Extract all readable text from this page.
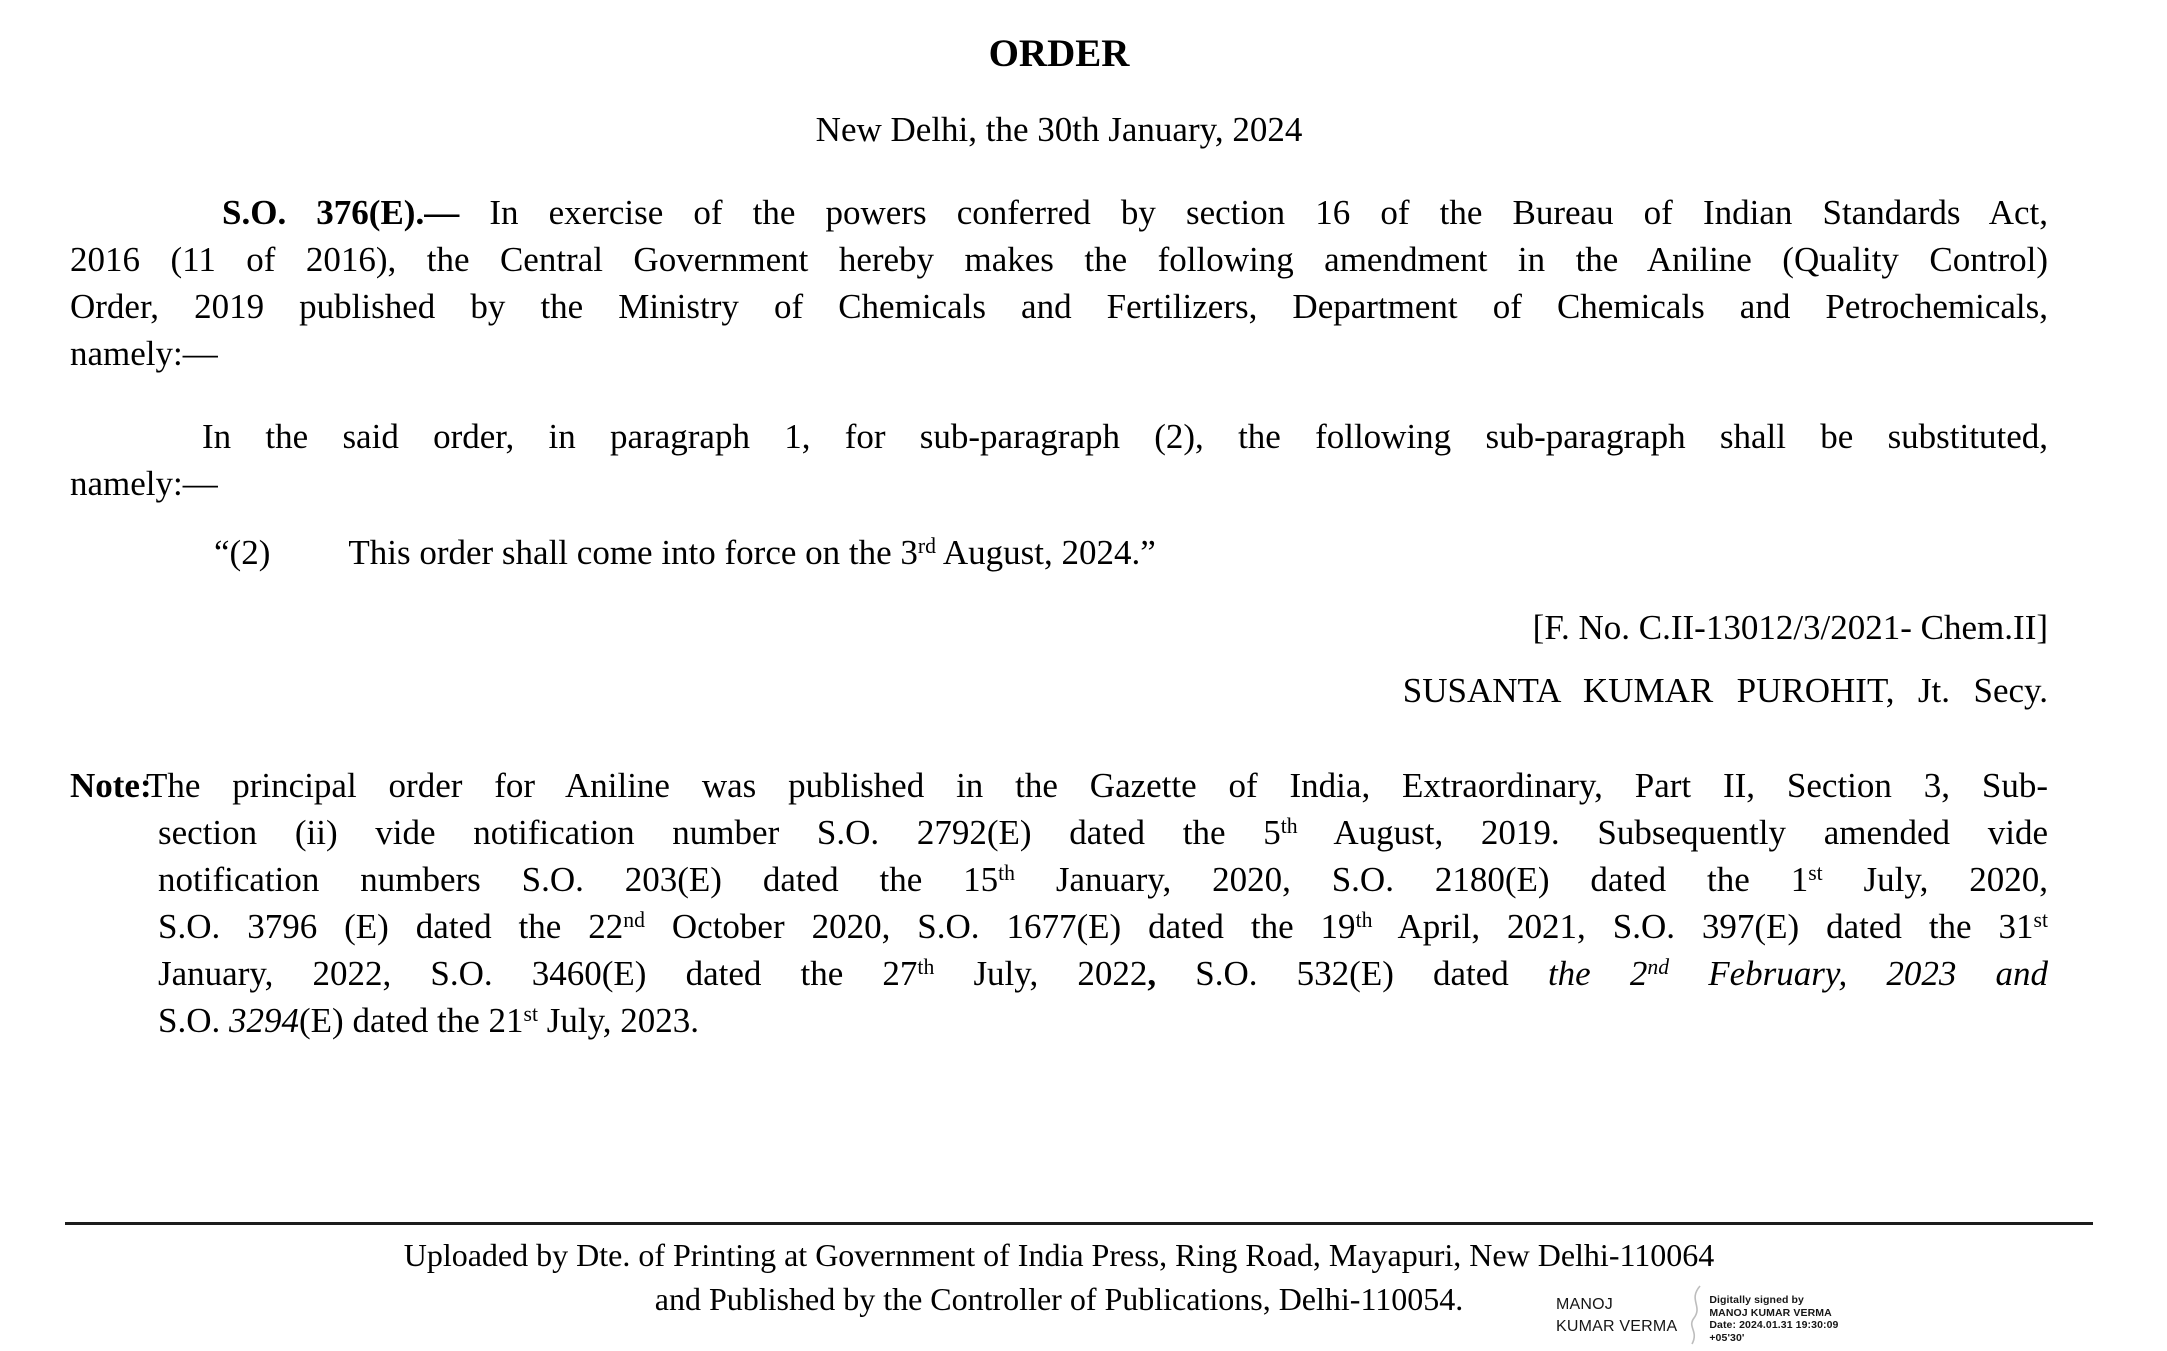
ORDER
New Delhi, the 30th January, 2024
S.O. 376(E).— In exercise of the powers conferred by section 16 of the Bureau of Indian Standards Act,
2016 (11 of 2016), the Central Government hereby makes the following amendment in the Aniline (Quality Control)
Order, 2019 published by the Ministry of Chemicals and Fertilizers, Department of Chemicals and Petrochemicals,
namely:—
In the said order, in paragraph 1, for sub-paragraph (2), the following sub-paragraph shall be substituted,
namely:—
“(2) This order shall come into force on the 3rd August, 2024.”
[F. No. C.II-13012/3/2021- Chem.II]
SUSANTA KUMAR PUROHIT, Jt. Secy.
Note:
The principal order for Aniline was published in the Gazette of India, Extraordinary, Part II, Section 3, Sub-
section (ii) vide notification number S.O. 2792(E) dated the 5th August, 2019. Subsequently amended vide
notification numbers S.O. 203(E) dated the 15th January, 2020, S.O. 2180(E) dated the 1st July, 2020,
S.O. 3796 (E) dated the 22nd October 2020, S.O. 1677(E) dated the 19th April, 2021, S.O. 397(E) dated the 31st
January, 2022, S.O. 3460(E) dated the 27th July, 2022, S.O. 532(E) dated the 2nd February, 2023 and
S.O. 3294(E) dated the 21st July, 2023.
Uploaded by Dte. of Printing at Government of India Press, Ring Road, Mayapuri, New Delhi-110064
and Published by the Controller of Publications, Delhi-110054.	MANOJ
KUMAR VERMA
Digitally signed by
MANOJ KUMAR VERMA
Date: 2024.01.31 19:30:09
+05'30'
